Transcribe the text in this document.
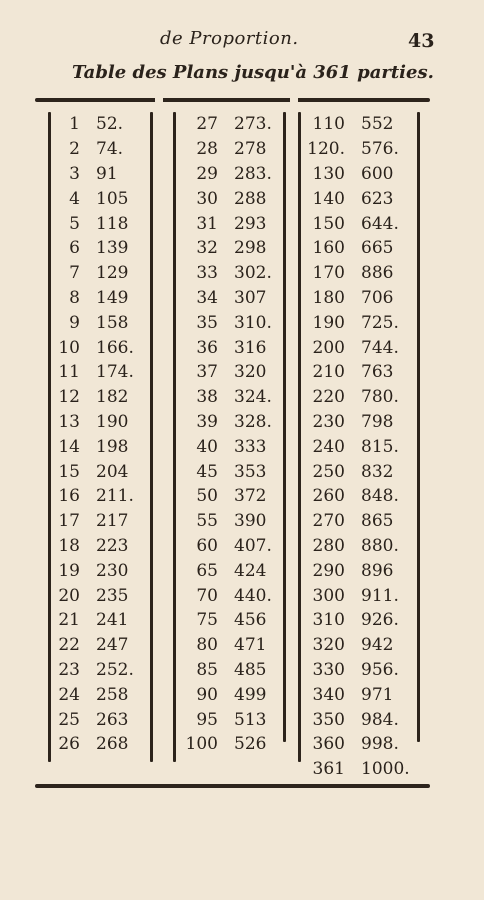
de Proportion.	43
Table des Plans jusqu'à 361 parties.
1 52.
2 74.
3 91
4 105
5 118
6 139
7 129
8 149
9 158
10 166.
11 174.
12 182
13 190
14 198
15 204
16 211.
17 217
18 223
19 230
20 235
21 241
22 247
23 252.
24 258
25 263
26 268
27 273.
28 278
29 283.
30 288
31 293
32 298
33 302.
34 307
35 310.
36 316
37 320
38 324.
39 328.
40 333
45 353
50 372
55 390
60 407.
65 424
70 440.
75 456
80 471
85 485
90 499
95 513
100 526
110 552
120. 576.
130 600
140 623
150 644.
160 665
170 886
180 706
190 725.
200 744.
210 763
220 780.
230 798
240 815.
250 832
260 848.
270 865
280 880.
290 896
300 911.
310 926.
320 942
330 956.
340 971
350 984.
360 998.
361 1000.
